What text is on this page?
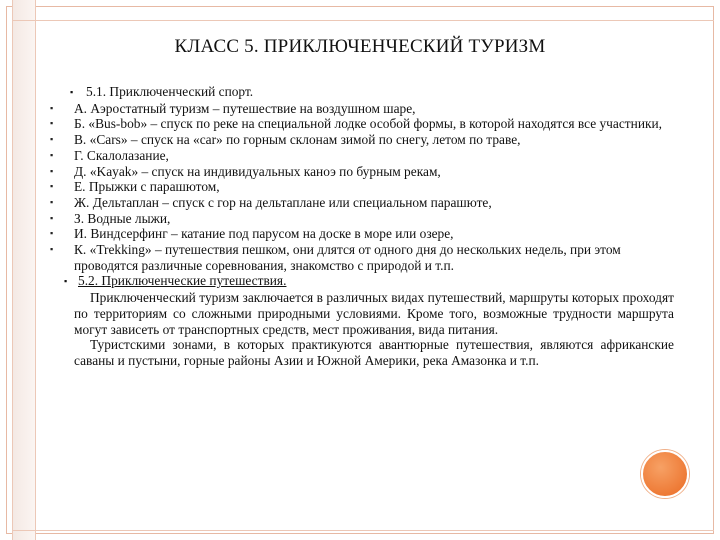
КЛАСС 5. ПРИКЛЮЧЕНЧЕСКИЙ ТУРИЗМ
▪ 5.1. Приключенческий спорт.
▪ А. Аэростатный туризм – путешествие на воздушном шаре,
▪ Б. «Bus-bob» – спуск по реке на специальной лодке особой формы, в которой находятся все участники,
▪ В. «Cars» – спуск на «car» по горным склонам зимой по снегу, летом по траве,
▪ Г. Скалолазание,
▪ Д. «Kayak» – спуск на индивидуальных каноэ по бурным рекам,
▪ Е. Прыжки с парашютом,
▪ Ж. Дельтаплан – спуск с гор на дельтаплане или специальном парашюте,
▪ З. Водные лыжи,
▪ И. Виндсерфинг – катание под парусом на доске в море или озере,
▪ К. «Trekking» – путешествия пешком, они длятся от одного дня до нескольких недель, при этом проводятся различные соревнования, знакомство с природой и т.п.
▪ 5.2. Приключенческие путешествия.
Приключенческий туризм заключается в различных видах путешествий, маршруты которых проходят по территориям со сложными природными условиями. Кроме того, возможные трудности маршрута могут зависеть от транспортных средств, мест проживания, вида питания.
Туристскими зонами, в которых практикуются авантюрные путешествия, являются африканские саваны и пустыни, горные районы Азии и Южной Америки, река Амазонка и т.п.
